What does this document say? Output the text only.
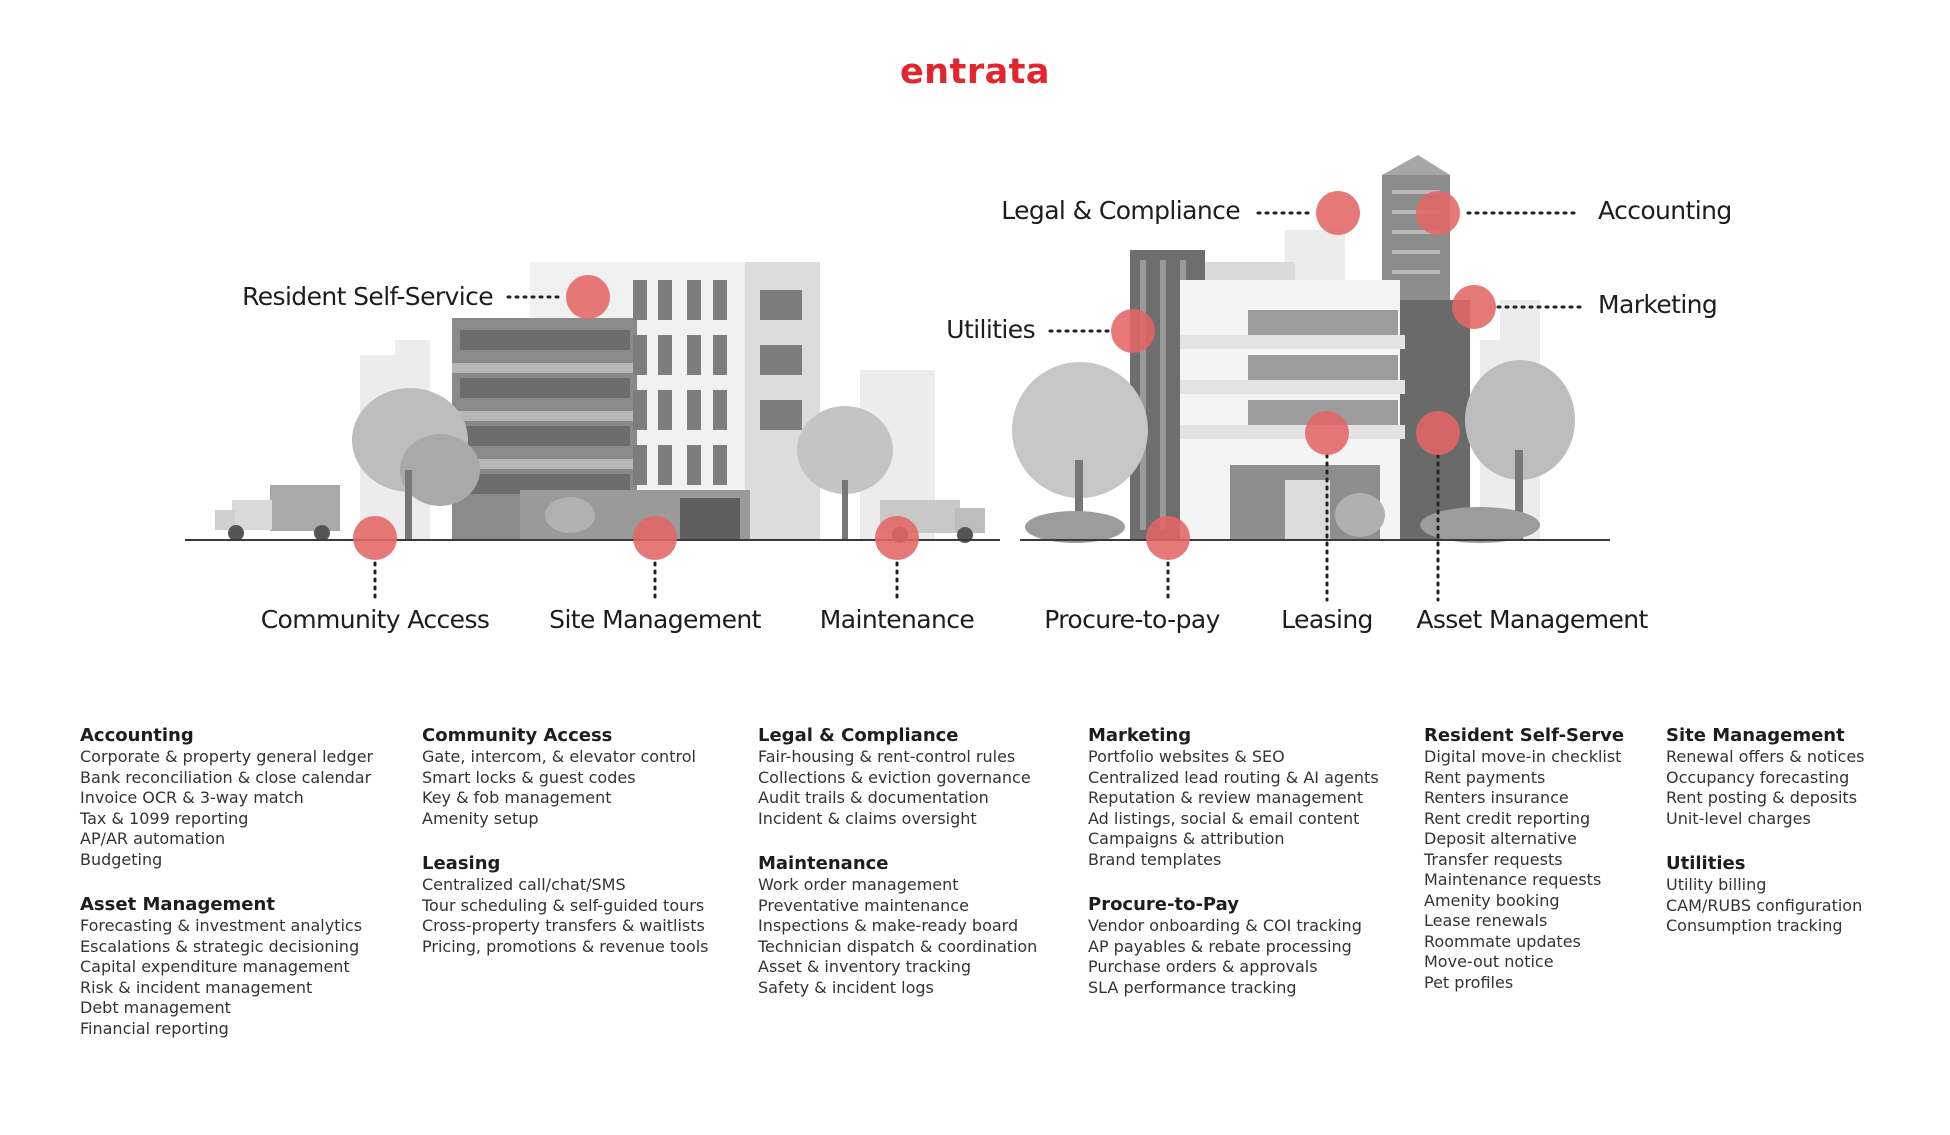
entrata
Resident Self-Service
Legal & Compliance	Accounting
Utilities
Marketing
Community Access Site Management Maintenance	Procure-to-pay Leasing Asset Management
Accounting
Corporate & property general ledger
Bank reconciliation & close calendar
Invoice OCR & 3-way match
Tax & 1099 reporting
AP/AR automation
Budgeting
Asset Management
Forecasting & investment analytics
Escalations & strategic decisioning
Capital expenditure management
Risk & incident management
Debt management
Financial reporting
Community Access
Gate, intercom, & elevator control
Smart locks & guest codes
Key & fob management
Amenity setup
Leasing
Centralized call/chat/SMS
Tour scheduling & self-guided tours
Cross-property transfers & waitlists
Pricing, promotions & revenue tools
Legal & Compliance
Fair-housing & rent-control rules
Collections & eviction governance
Audit trails & documentation
Incident & claims oversight
Maintenance
Work order management
Preventative maintenance
Inspections & make-ready board
Technician dispatch & coordination
Asset & inventory tracking
Safety & incident logs
Marketing
Portfolio websites & SEO
Centralized lead routing & AI agents
Reputation & review management
Ad listings, social & email content
Campaigns & attribution
Brand templates
Procure-to-Pay
Vendor onboarding & COI tracking
AP payables & rebate processing
Purchase orders & approvals
SLA performance tracking
Resident Self-Serve
Digital move-in checklist
Rent payments
Renters insurance
Rent credit reporting
Deposit alternative
Transfer requests
Maintenance requests
Amenity booking
Lease renewals
Roommate updates
Move-out notice
Pet profiles
Site Management
Renewal offers & notices
Occupancy forecasting
Rent posting & deposits
Unit-level charges
Utilities
Utility billing
CAM/RUBS configuration
Consumption tracking
